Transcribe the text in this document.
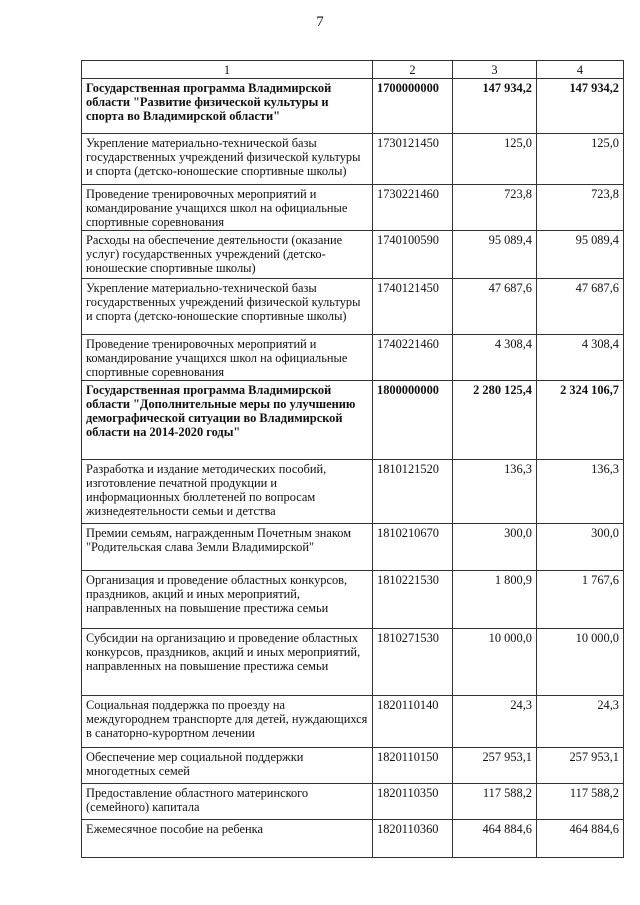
7
1	2	3	4
Государственная программа Владимирской области "Развитие физической культуры и спорта во Владимирской области"	1700000000	147 934,2	147 934,2
Укрепление материально-технической базы государственных учреждений физической культуры и спорта (детско-юношеские спортивные школы)	1730121450	125,0	125,0
Проведение тренировочных мероприятий и командирование учащихся школ на официальные спортивные соревнования	1730221460	723,8	723,8
Расходы на обеспечение деятельности (оказание услуг) государственных учреждений (детско-юношеские спортивные школы)	1740100590	95 089,4	95 089,4
Укрепление материально-технической базы государственных учреждений физической культуры и спорта (детско-юношеские спортивные школы)	1740121450	47 687,6	47 687,6
Проведение тренировочных мероприятий и командирование учащихся школ на официальные спортивные соревнования	1740221460	4 308,4	4 308,4
Государственная программа Владимирской области "Дополнительные меры по улучшению демографической ситуации во Владимирской области на 2014-2020 годы"	1800000000	2 280 125,4	2 324 106,7
Разработка и издание методических пособий, изготовление печатной продукции и информационных бюллетеней по вопросам жизнедеятельности семьи и детства	1810121520	136,3	136,3
Премии семьям, награжденным Почетным знаком "Родительская слава Земли Владимирской"	1810210670	300,0	300,0
Организация и проведение областных конкурсов, праздников, акций и иных мероприятий, направленных на повышение престижа семьи	1810221530	1 800,9	1 767,6
Субсидии на организацию и проведение областных конкурсов, праздников, акций и иных мероприятий, направленных на повышение престижа семьи	1810271530	10 000,0	10 000,0
Социальная поддержка по проезду на междугороднем транспорте для детей, нуждающихся в санаторно-курортном лечении	1820110140	24,3	24,3
Обеспечение мер социальной поддержки многодетных семей	1820110150	257 953,1	257 953,1
Предоставление областного материнского (семейного) капитала	1820110350	117 588,2	117 588,2
Ежемесячное пособие на ребенка	1820110360	464 884,6	464 884,6
